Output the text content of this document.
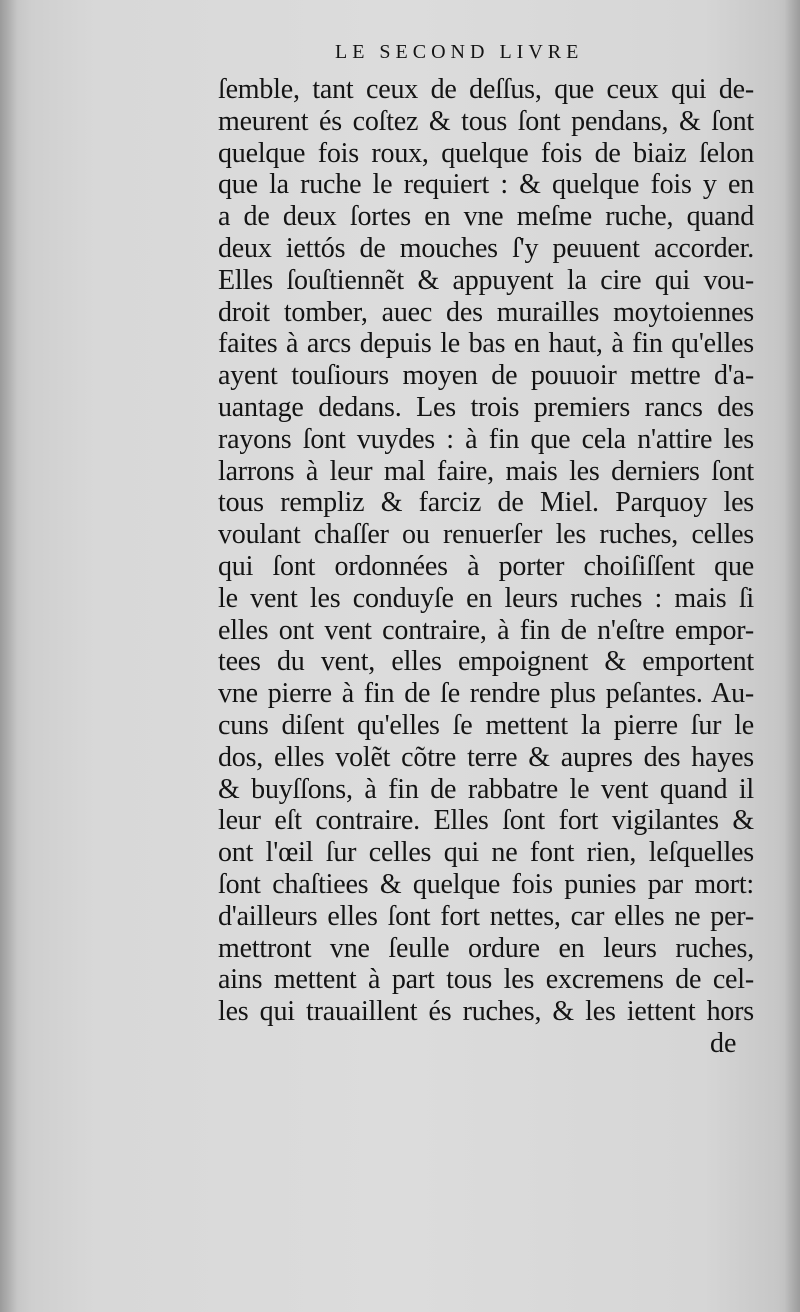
LE SECOND LIVRE
ſemble, tant ceux de deſſus, que ceux qui de-
meurent és coſtez & tous ſont pendans, & ſont
quelque fois roux, quelque fois de biaiz ſelon
que la ruche le requiert : & quelque fois y en
a de deux ſortes en vne meſme ruche, quand
deux iettós de mouches ſ'y peuuent accorder.
Elles ſouſtiennẽt & appuyent la cire qui vou-
droit tomber, auec des murailles moytoiennes
faites à arcs depuis le bas en haut, à fin qu'elles
ayent touſiours moyen de pouuoir mettre d'a-
uantage dedans. Les trois premiers rancs des
rayons ſont vuydes : à fin que cela n'attire les
larrons à leur mal faire, mais les derniers ſont
tous rempliz & farciz de Miel. Parquoy les
voulant chaſſer ou renuerſer les ruches, celles
qui ſont ordonnées à porter choiſiſſent que
le vent les conduyſe en leurs ruches : mais ſi
elles ont vent contraire, à fin de n'eſtre empor-
tees du vent, elles empoignent & emportent
vne pierre à fin de ſe rendre plus peſantes. Au-
cuns diſent qu'elles ſe mettent la pierre ſur le
dos, elles volẽt cõtre terre & aupres des hayes
& buyſſons, à fin de rabbatre le vent quand il
leur eſt contraire. Elles ſont fort vigilantes &
ont l'œil ſur celles qui ne font rien, leſquelles
ſont chaſtiees & quelque fois punies par mort:
d'ailleurs elles ſont fort nettes, car elles ne per-
mettront vne ſeulle ordure en leurs ruches,
ains mettent à part tous les excremens de cel-
les qui trauaillent és ruches, & les iettent hors
de
